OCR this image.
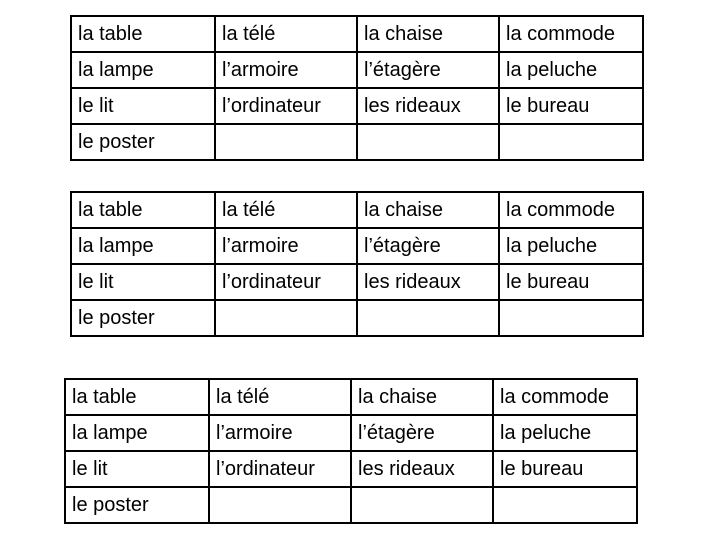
la table	la télé	la chaise	la commode
la lampe	l’armoire	l’étagère	la peluche
le lit	l’ordinateur	les rideaux	le bureau
le poster			
la table	la télé	la chaise	la commode
la lampe	l’armoire	l’étagère	la peluche
le lit	l’ordinateur	les rideaux	le bureau
le poster			
la table	la télé	la chaise	la commode
la lampe	l’armoire	l’étagère	la peluche
le lit	l’ordinateur	les rideaux	le bureau
le poster			
